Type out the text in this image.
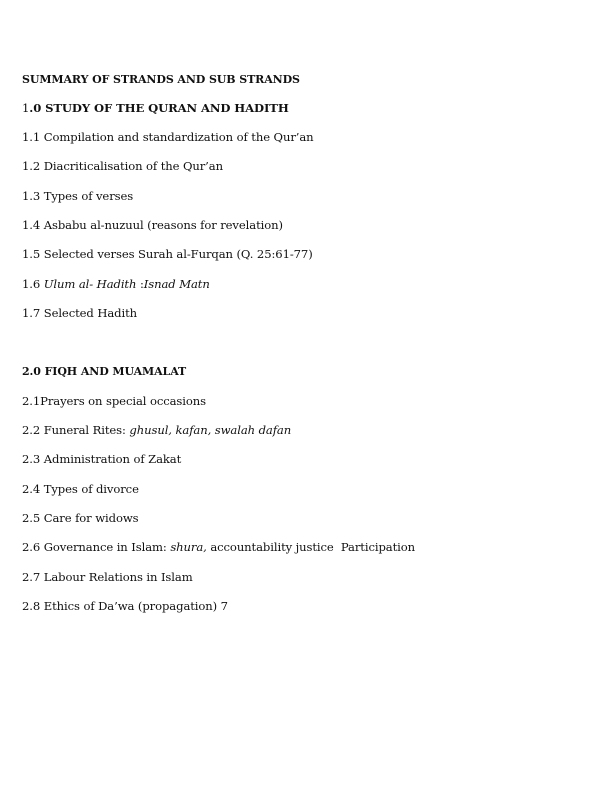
SUMMARY OF STRANDS AND SUB STRANDS
1.0 STUDY OF THE QURAN AND HADITH
1.1 Compilation and standardization of the Qur’an
1.2 Diacriticalisation of the Qur’an
1.3 Types of verses
1.4 Asbabu al-nuzuul (reasons for revelation)
1.5 Selected verses Surah al-Furqan (Q. 25:61-77)
1.6 Ulum al- Hadith :Isnad Matn
1.7 Selected Hadith
2.0 FIQH AND MUAMALAT
2.1Prayers on special occasions
2.2 Funeral Rites: ghusul, kafan, swalah dafan
2.3 Administration of Zakat
2.4 Types of divorce
2.5 Care for widows
2.6 Governance in Islam: shura, accountability justice  Participation
2.7 Labour Relations in Islam
2.8 Ethics of Da’wa (propagation) 7
